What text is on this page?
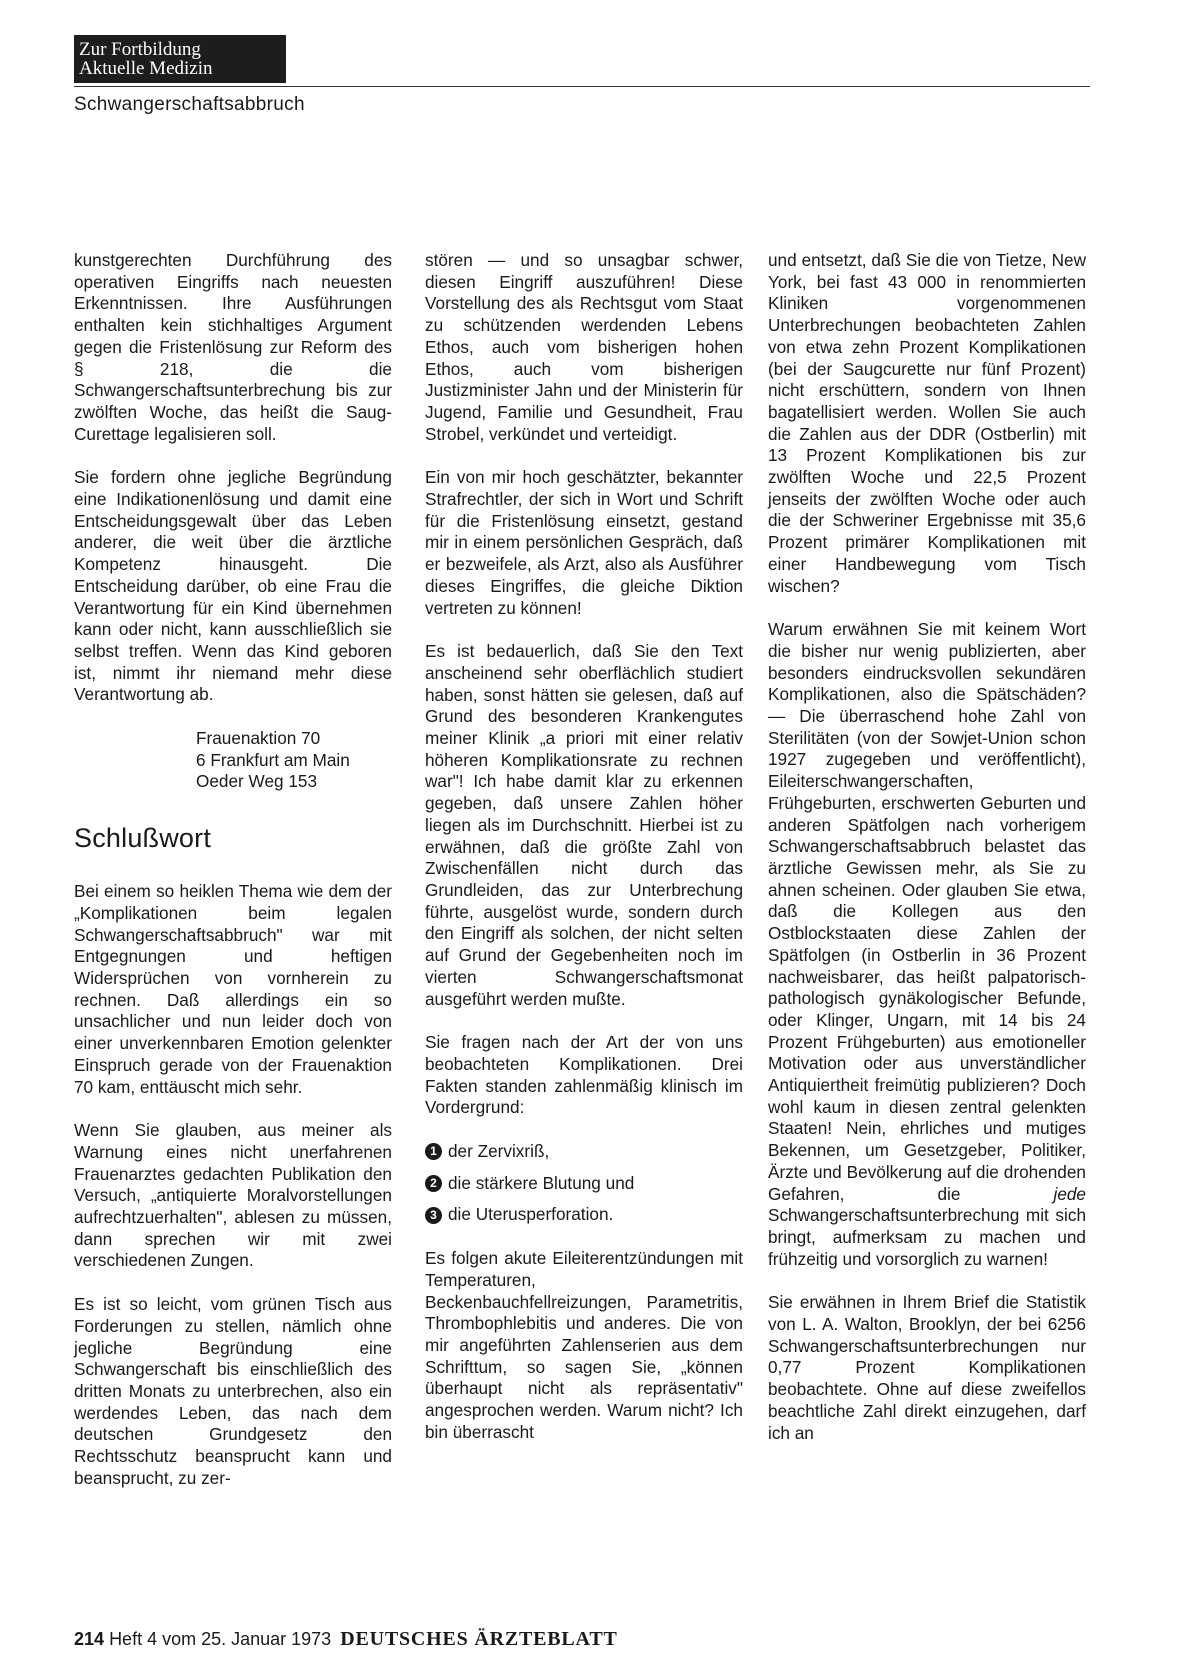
Zur Fortbildung
Aktuelle Medizin
Schwangerschaftsabbruch

kunstgerechten Durchführung des operativen Eingriffs nach neuesten Erkenntnissen. Ihre Ausführungen enthalten kein stichhaltiges Argument gegen die Fristenlösung zur Reform des § 218, die die Schwangerschaftsunterbrechung bis zur zwölften Woche, das heißt die Saug-Curettage legalisieren soll.

Sie fordern ohne jegliche Begründung eine Indikationenlösung und damit eine Entscheidungsgewalt über das Leben anderer, die weit über die ärztliche Kompetenz hinausgeht. Die Entscheidung darüber, ob eine Frau die Verantwortung für ein Kind übernehmen kann oder nicht, kann ausschließlich sie selbst treffen. Wenn das Kind geboren ist, nimmt ihr niemand mehr diese Verantwortung ab.

Frauenaktion 70
6 Frankfurt am Main
Oeder Weg 153
Schlußwort

Bei einem so heiklen Thema wie dem der „Komplikationen beim legalen Schwangerschaftsabbruch" war mit Entgegnungen und heftigen Widersprüchen von vornherein zu rechnen. Daß allerdings ein so unsachlicher und nun leider doch von einer unverkennbaren Emotion gelenkter Einspruch gerade von der Frauenaktion 70 kam, enttäuscht mich sehr.

Wenn Sie glauben, aus meiner als Warnung eines nicht unerfahrenen Frauenarztes gedachten Publikation den Versuch, „antiquierte Moralvorstellungen aufrechtzuerhalten", ablesen zu müssen, dann sprechen wir mit zwei verschiedenen Zungen.

Es ist so leicht, vom grünen Tisch aus Forderungen zu stellen, nämlich ohne jegliche Begründung eine Schwangerschaft bis einschließlich des dritten Monats zu unterbrechen, also ein werdendes Leben, das nach dem deutschen Grundgesetz den Rechtsschutz beansprucht kann und beansprucht, zu zer-

stören — und so unsagbar schwer, diesen Eingriff auszuführen! Diese Vorstellung des als Rechtsgut vom Staat zu schützenden werdenden Lebens Ethos, auch vom bisherigen hohen Ethos, auch vom bisherigen Justizminister Jahn und der Ministerin für Jugend, Familie und Gesundheit, Frau Strobel, verkündet und verteidigt.

Ein von mir hoch geschätzter, bekannter Strafrechtler, der sich in Wort und Schrift für die Fristenlösung einsetzt, gestand mir in einem persönlichen Gespräch, daß er bezweifele, als Arzt, also als Ausführer dieses Eingriffes, die gleiche Diktion vertreten zu können!

Es ist bedauerlich, daß Sie den Text anscheinend sehr oberflächlich studiert haben, sonst hätten sie gelesen, daß auf Grund des besonderen Krankengutes meiner Klinik „a priori mit einer relativ höheren Komplikationsrate zu rechnen war"! Ich habe damit klar zu erkennen gegeben, daß unsere Zahlen höher liegen als im Durchschnitt. Hierbei ist zu erwähnen, daß die größte Zahl von Zwischenfällen nicht durch das Grundleiden, das zur Unterbrechung führte, ausgelöst wurde, sondern durch den Eingriff als solchen, der nicht selten auf Grund der Gegebenheiten noch im vierten Schwangerschaftsmonat ausgeführt werden mußte.

Sie fragen nach der Art der von uns beobachteten Komplikationen. Drei Fakten standen zahlenmäßig klinisch im Vordergrund:

1 der Zervixriß,
2 die stärkere Blutung und
3 die Uterusperforation.

Es folgen akute Eileiterentzündungen mit Temperaturen, Beckenbauchfellreizungen, Parametritis, Thrombophlebitis und anderes. Die von mir angeführten Zahlenserien aus dem Schrifttum, so sagen Sie, „können überhaupt nicht als repräsentativ" angesprochen werden. Warum nicht? Ich bin überrascht

und entsetzt, daß Sie die von Tietze, New York, bei fast 43 000 in renommierten Kliniken vorgenommenen Unterbrechungen beobachteten Zahlen von etwa zehn Prozent Komplikationen (bei der Saugcurette nur fünf Prozent) nicht erschüttern, sondern von Ihnen bagatellisiert werden. Wollen Sie auch die Zahlen aus der DDR (Ostberlin) mit 13 Prozent Komplikationen bis zur zwölften Woche und 22,5 Prozent jenseits der zwölften Woche oder auch die der Schweriner Ergebnisse mit 35,6 Prozent primärer Komplikationen mit einer Handbewegung vom Tisch wischen?

Warum erwähnen Sie mit keinem Wort die bisher nur wenig publizierten, aber besonders eindrucksvollen sekundären Komplikationen, also die Spätschäden? — Die überraschend hohe Zahl von Sterilitäten (von der Sowjet-Union schon 1927 zugegeben und veröffentlicht), Eileiterschwangerschaften, Frühgeburten, erschwerten Geburten und anderen Spätfolgen nach vorherigem Schwangerschaftsabbruch belastet das ärztliche Gewissen mehr, als Sie zu ahnen scheinen. Oder glauben Sie etwa, daß die Kollegen aus den Ostblockstaaten diese Zahlen der Spätfolgen (in Ostberlin in 36 Prozent nachweisbarer, das heißt palpatorisch-pathologisch gynäkologischer Befunde, oder Klinger, Ungarn, mit 14 bis 24 Prozent Frühgeburten) aus emotioneller Motivation oder aus unverständlicher Antiquiertheit freimütig publizieren? Doch wohl kaum in diesen zentral gelenkten Staaten! Nein, ehrliches und mutiges Bekennen, um Gesetzgeber, Politiker, Ärzte und Bevölkerung auf die drohenden Gefahren, die	jede Schwangerschaftsunterbrechung mit sich bringt, aufmerksam zu machen und frühzeitig und vorsorglich zu warnen!

Sie erwähnen in Ihrem Brief die Statistik von L. A. Walton, Brooklyn, der bei 6256 Schwangerschaftsunterbrechungen nur 0,77 Prozent Komplikationen beobachtete. Ohne auf diese zweifellos beachtliche Zahl direkt einzugehen, darf ich an

214 Heft 4 vom 25. Januar 1973 DEUTSCHES ÄRZTEBLATT
